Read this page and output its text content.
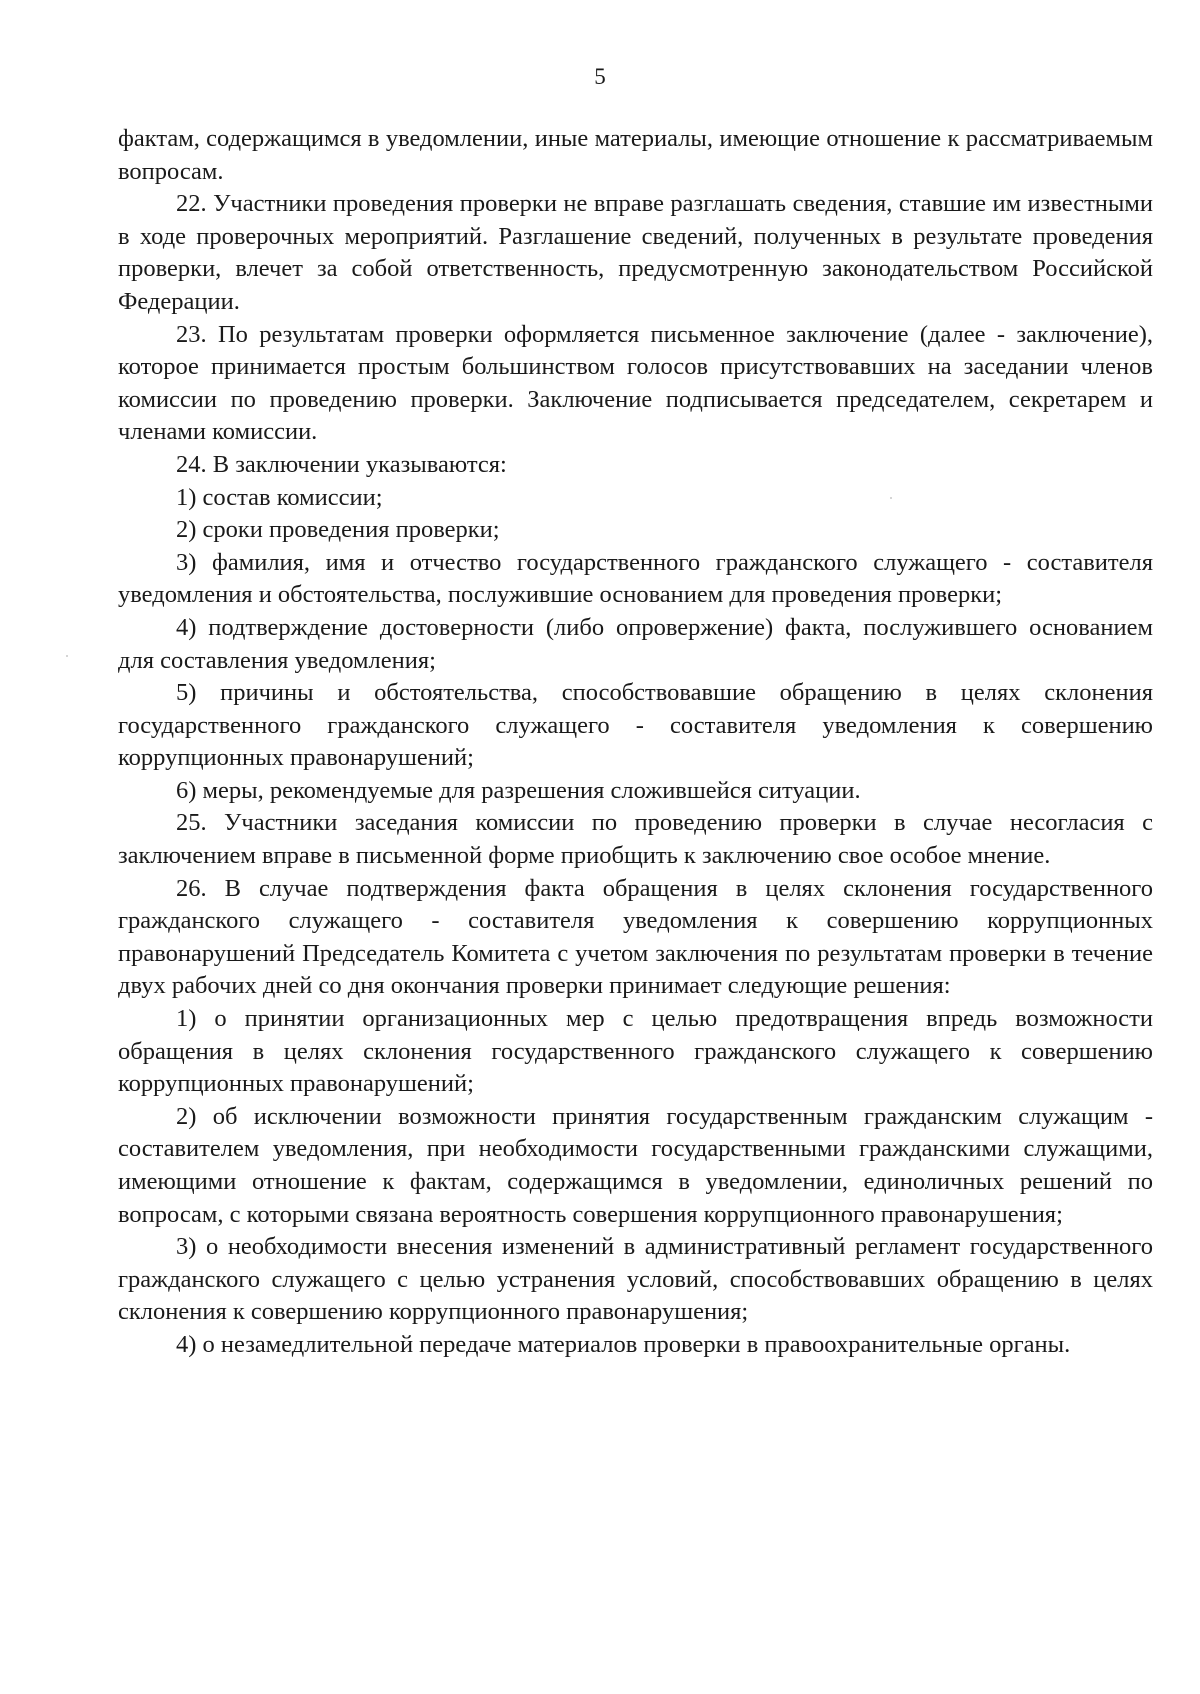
5

фактам, содержащимся в уведомлении, иные материалы, имеющие отношение к рассматриваемым вопросам.

22. Участники проведения проверки не вправе разглашать сведения, ставшие им известными в ходе проверочных мероприятий. Разглашение сведений, полученных в результате проведения проверки, влечет за собой ответственность, предусмотренную законодательством Российской Федерации.

23. По результатам проверки оформляется письменное заключение (далее - заключение), которое принимается простым большинством голосов присутствовавших на заседании членов комиссии по проведению проверки. Заключение подписывается председателем, секретарем и членами комиссии.

24. В заключении указываются:

1) состав комиссии;

2) сроки проведения проверки;

3) фамилия, имя и отчество государственного гражданского служащего - составителя уведомления и обстоятельства, послужившие основанием для проведения проверки;

4) подтверждение достоверности (либо опровержение) факта, послужившего основанием для составления уведомления;

5) причины и обстоятельства, способствовавшие обращению в целях склонения государственного гражданского служащего - составителя уведомления к совершению коррупционных правонарушений;

6) меры, рекомендуемые для разрешения сложившейся ситуации.

25. Участники заседания комиссии по проведению проверки в случае несогласия с заключением вправе в письменной форме приобщить к заключению свое особое мнение.

26. В случае подтверждения факта обращения в целях склонения государственного гражданского служащего - составителя уведомления к совершению коррупционных правонарушений Председатель Комитета с учетом заключения по результатам проверки в течение двух рабочих дней со дня окончания проверки принимает следующие решения:

1) о принятии организационных мер с целью предотвращения впредь возможности обращения в целях склонения государственного гражданского служащего к совершению коррупционных правонарушений;

2) об исключении возможности принятия государственным гражданским служащим - составителем уведомления, при необходимости государственными гражданскими служащими, имеющими отношение к фактам, содержащимся в уведомлении, единоличных решений по вопросам, с которыми связана вероятность совершения коррупционного правонарушения;

3) о необходимости внесения изменений в административный регламент государственного гражданского служащего с целью устранения условий, способствовавших обращению в целях склонения к совершению коррупционного правонарушения;

4) о незамедлительной передаче материалов проверки в правоохранительные органы.
